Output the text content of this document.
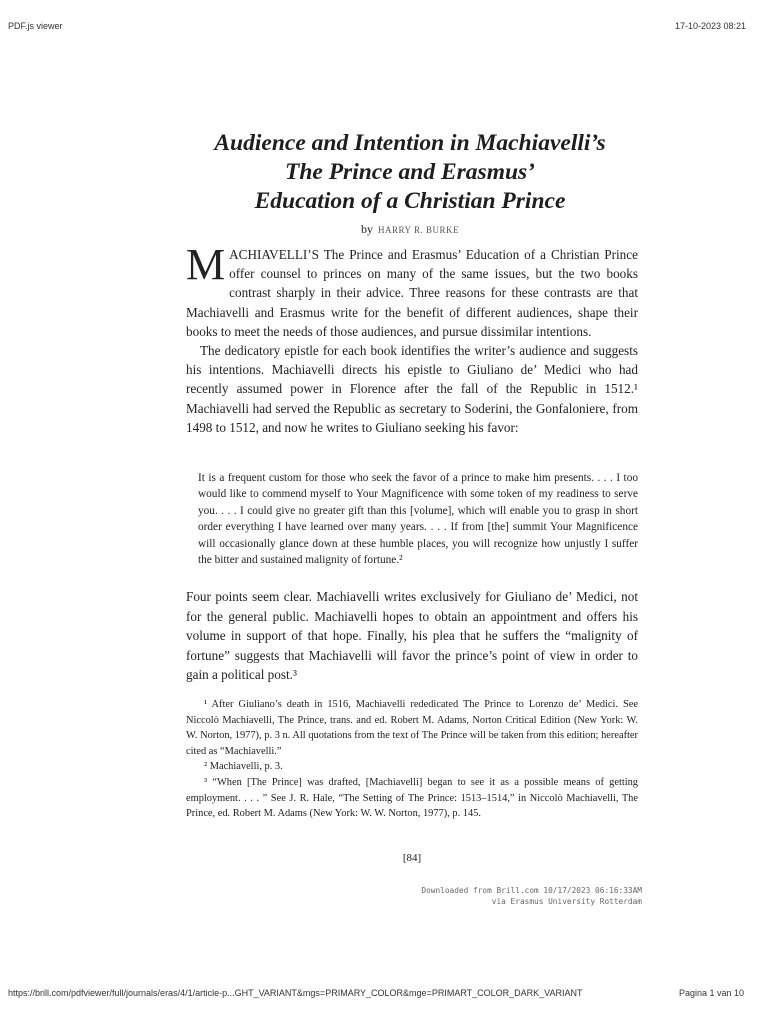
PDF.js viewer	17-10-2023 08:21
Audience and Intention in Machiavelli’s
The Prince and Erasmus’
Education of a Christian Prince
by HARRY R. BURKE

MACHIAVELLI’S The Prince and Erasmus’ Education of a Christian Prince offer counsel to princes on many of the same issues, but the two books contrast sharply in their advice. Three reasons for these contrasts are that Machiavelli and Erasmus write for the benefit of different audiences, shape their books to meet the needs of those audiences, and pursue dissimilar intentions.

The dedicatory epistle for each book identifies the writer’s audience and suggests his intentions. Machiavelli directs his epistle to Giuliano de’ Medici who had recently assumed power in Florence after the fall of the Republic in 1512.¹ Machiavelli had served the Republic as secretary to Soderini, the Gonfaloniere, from 1498 to 1512, and now he writes to Giuliano seeking his favor:

It is a frequent custom for those who seek the favor of a prince to make him presents. . . . I too would like to commend myself to Your Magnificence with some token of my readiness to serve you. . . . I could give no greater gift than this [volume], which will enable you to grasp in short order everything I have learned over many years. . . . If from [the] summit Your Magnificence will occasionally glance down at these humble places, you will recognize how unjustly I suffer the bitter and sustained malignity of fortune.²
Four points seem clear. Machiavelli writes exclusively for Giuliano de’ Medici, not for the general public. Machiavelli hopes to obtain an appointment and offers his volume in support of that hope. Finally, his plea that he suffers the “malignity of fortune” suggests that Machiavelli will favor the prince’s point of view in order to gain a political post.³

¹ After Giuliano’s death in 1516, Machiavelli rededicated The Prince to Lorenzo de’ Medici. See Niccolò Machiavelli, The Prince, trans. and ed. Robert M. Adams, Norton Critical Edition (New York: W. W. Norton, 1977), p. 3 n. All quotations from the text of The Prince will be taken from this edition; hereafter cited as “Machiavelli.”

² Machiavelli, p. 3.

³ “When [The Prince] was drafted, [Machiavelli] began to see it as a possible means of getting employment. . . . ” See J. R. Hale, “The Setting of The Prince: 1513–1514,” in Niccolò Machiavelli, The Prince, ed. Robert M. Adams (New York: W. W. Norton, 1977), p. 145.

[84]
Downloaded from Brill.com 10/17/2023 06:16:33AM
via Erasmus University Rotterdam
https://brill.com/pdfviewer/full/journals/eras/4/1/article-p...GHT_VARIANT&mgs=PRIMARY_COLOR&mge=PRIMART_COLOR_DARK_VARIANT	Pagina 1 van 10
